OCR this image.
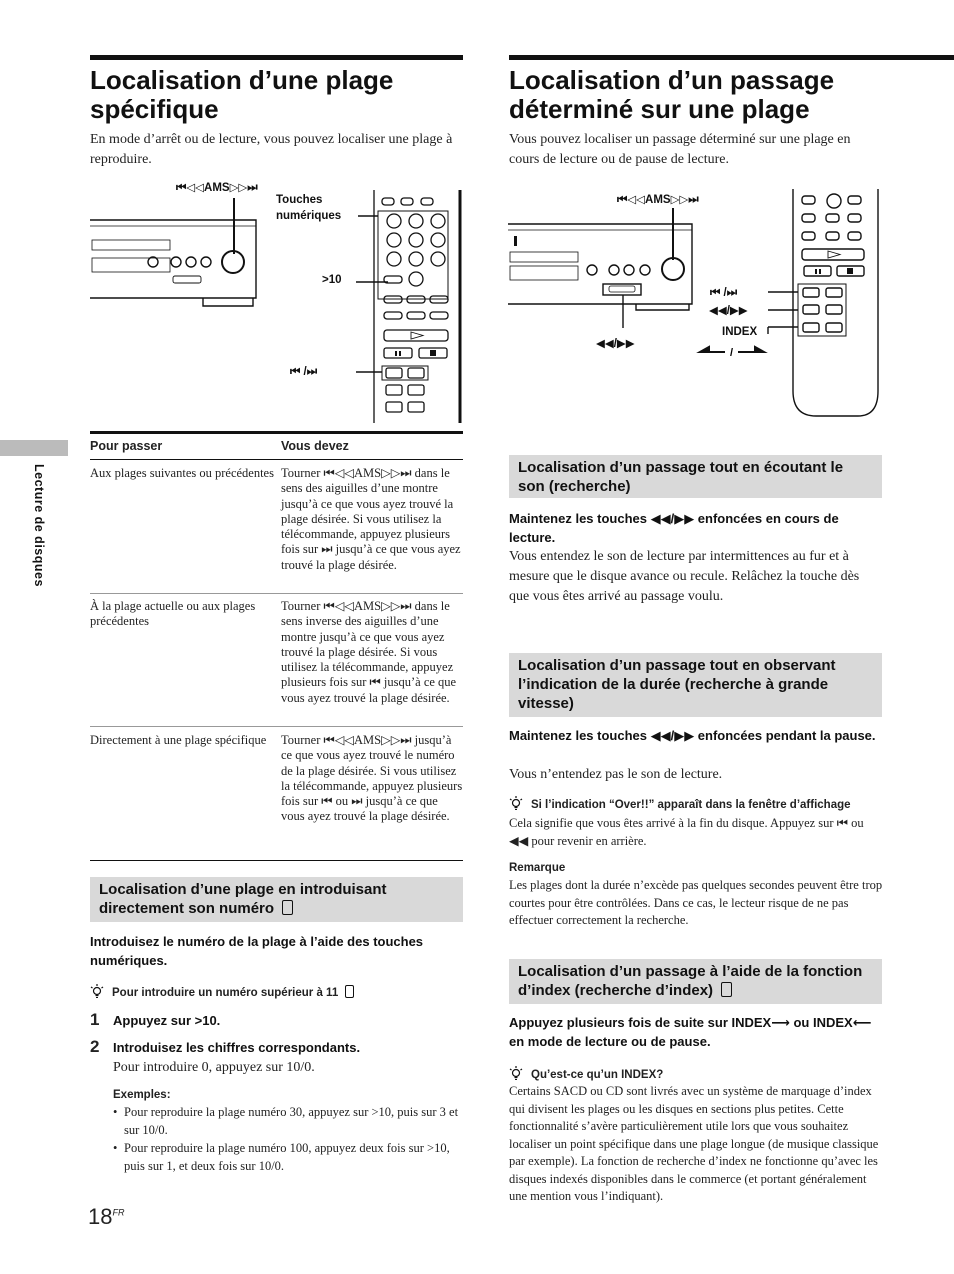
Lecture de disques
Localisation d’une plage spécifique

En mode d’arrêt ou de lecture, vous pouvez localiser une plage à reproduire.

⏮◁◁AMS▷▷⏭
Touches
numériques
>10
⏮ /⏭
Pour passer	Vous devez
Aux plages suivantes ou précédentes Tourner ⏮◁◁AMS▷▷⏭ dans le sens des aiguilles d’une montre jusqu’à ce que vous ayez trouvé la plage désirée. Si vous utilisez la télécommande, appuyez plusieurs fois sur ⏭ jusqu’à ce que vous ayez trouvé la plage désirée.
À la plage actuelle ou aux plages précédentes
Tourner ⏮◁◁AMS▷▷⏭ dans le sens inverse des aiguilles d’une montre jusqu’à ce que vous ayez trouvé la plage désirée. Si vous utilisez la télécommande, appuyez plusieurs fois sur ⏮ jusqu’à ce que vous ayez trouvé la plage désirée.
Directement à une plage spécifique	Tourner ⏮◁◁AMS▷▷⏭ jusqu’à ce que vous ayez trouvé le numéro de la plage désirée. Si vous utilisez la télécommande, appuyez plusieurs fois sur ⏮ ou ⏭ jusqu’à ce que vous ayez trouvé la plage désirée.
Localisation d’une plage en introduisant directement son numéro

Introduisez le numéro de la plage à l’aide des touches numériques.

Pour introduire un numéro supérieur à 11
1 Appuyez sur >10.
2 Introduisez les chiffres correspondants.

Pour introduire 0, appuyez sur 10/0.

Exemples:

• Pour reproduire la plage numéro 30, appuyez sur >10, puis sur 3 et sur 10/0.
• Pour reproduire la plage numéro 100, appuyez deux fois sur >10, puis sur 1, et deux fois sur 10/0.
$18^{FR}$
Localisation d’un passage déterminé sur une plage

Vous pouvez localiser un passage déterminé sur une plage en cours de lecture ou de pause de lecture.

/
⏮◁◁AMS▷▷⏭
⏮ /⏭
◀◀/▶▶
INDEX
◀◀/▶▶
Localisation d’un passage tout en écoutant le son (recherche)

Maintenez les touches ◀◀/▶▶ enfoncées en cours de lecture.

Vous entendez le son de lecture par intermittences au fur et à mesure que le disque avance ou recule. Relâchez la touche dès que vous êtes arrivé au passage voulu.

Localisation d’un passage tout en observant l’indication de la durée (recherche à grande vitesse)

Maintenez les touches ◀◀/▶▶ enfoncées pendant la pause.

Vous n’entendez pas le son de lecture.

Si l’indication “Over!!” apparaît dans la fenêtre d’affichage

Cela signifie que vous êtes arrivé à la fin du disque. Appuyez sur ⏮ ou ◀◀ pour revenir en arrière.

Remarque

Les plages dont la durée n’excède pas quelques secondes peuvent être trop courtes pour être contrôlées. Dans ce cas, le lecteur risque de ne pas effectuer correctement la recherche.

Localisation d’un passage à l’aide de la fonction d’index (recherche d’index)

Appuyez plusieurs fois de suite sur INDEX⟶ ou INDEX⟵ en mode de lecture ou de pause.

Qu’est-ce qu’un INDEX?

Certains SACD ou CD sont livrés avec un système de marquage d’index qui divisent les plages ou les disques en sections plus petites. Cette fonctionnalité s’avère particulièrement utile lors que vous souhaitez localiser un point spécifique dans une plage longue (de musique classique par exemple). La fonction de recherche d’index ne fonctionne qu’avec les disques indexés disponibles dans le commerce (et portant généralement une mention vous l’indiquant).
